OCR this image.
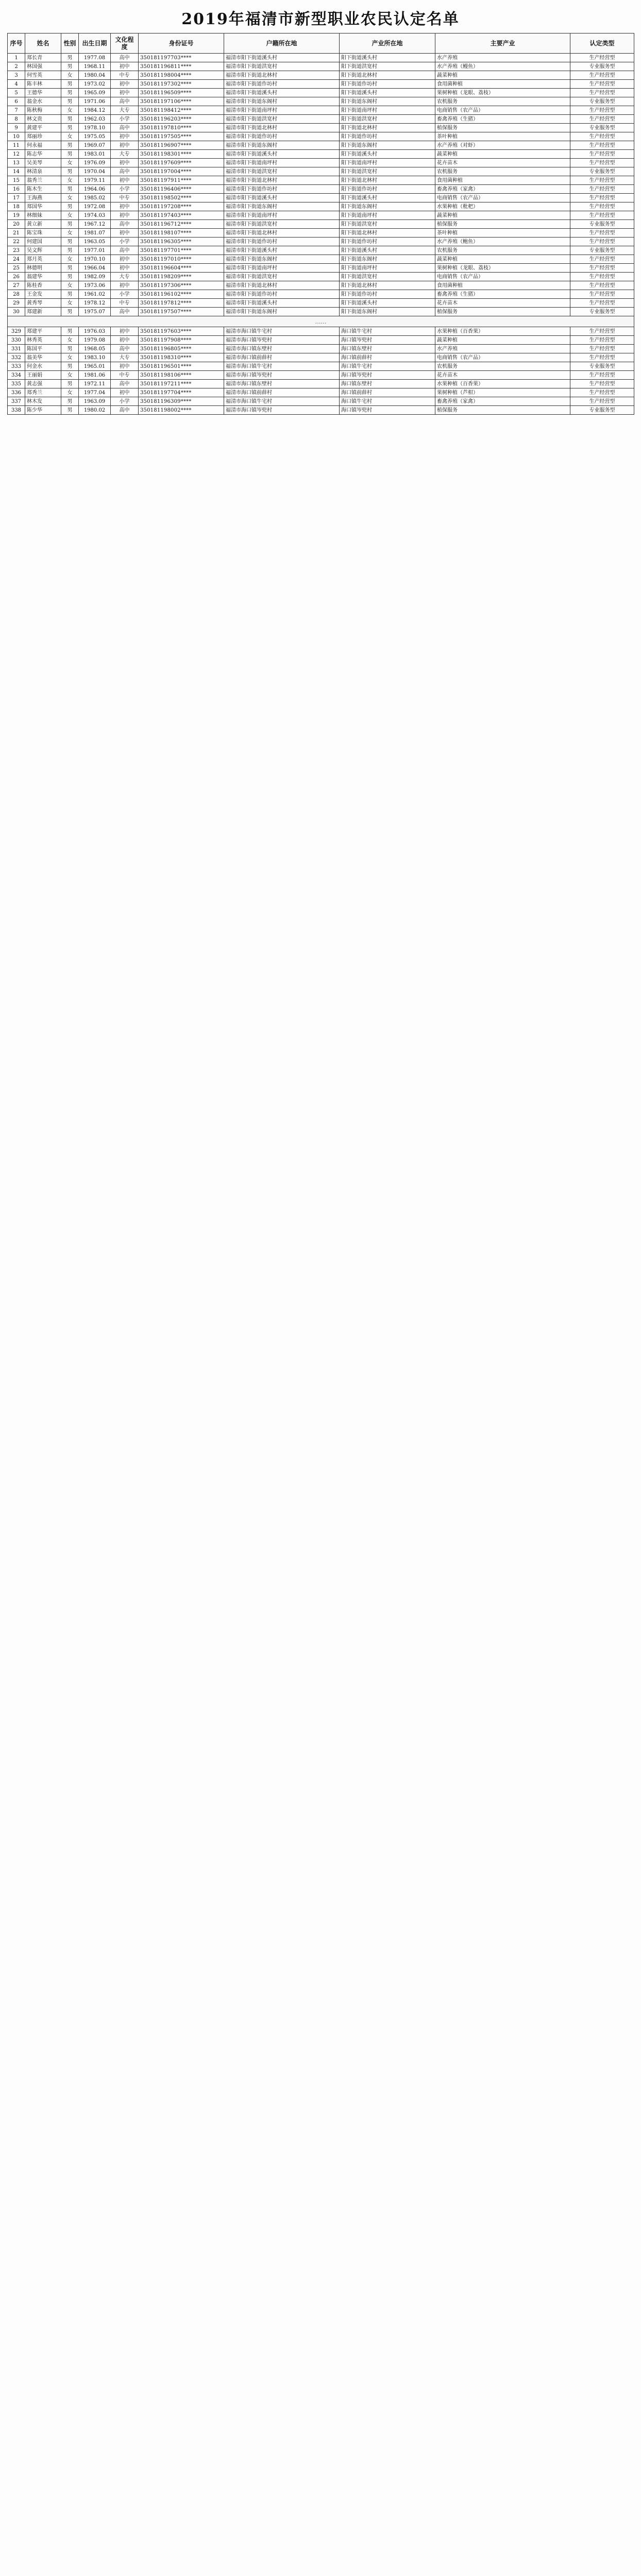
2019年福清市新型职业农民认定名单
序号	姓名	性别	出生日期	文化程度	身份证号	户籍所在地	产业所在地	主要产业	认定类型
1	郑长青	男	1977.08	高中	350181197703****	福清市阳下街道溪头村	阳下街道溪头村	水产养殖	生产经营型
2	林国强	男	1968.11	初中	350181196811****	福清市阳下街道洪宽村	阳下街道洪宽村	水产养殖（鳗鱼）	专业服务型
3	何雪英	女	1980.04	中专	350181198004****	福清市阳下街道北林村	阳下街道北林村	蔬菜种植	生产经营型
4	陈丰林	男	1973.02	初中	350181197302****	福清市阳下街道作坊村	阳下街道作坊村	食用菌种植	生产经营型
5	王德华	男	1965.09	初中	350181196509****	福清市阳下街道溪头村	阳下街道溪头村	果树种植（龙眼、荔枝）	生产经营型
6	翁金水	男	1971.06	高中	350181197106****	福清市阳下街道东阁村	阳下街道东阁村	农机服务	专业服务型
7	陈秋梅	女	1984.12	大专	350181198412****	福清市阳下街道南坪村	阳下街道南坪村	电商销售（农产品）	生产经营型
8	林文贵	男	1962.03	小学	350181196203****	福清市阳下街道洪宽村	阳下街道洪宽村	畜禽养殖（生猪）	生产经营型
9	黄建平	男	1978.10	高中	350181197810****	福清市阳下街道北林村	阳下街道北林村	植保服务	专业服务型
10	郑丽珍	女	1975.05	初中	350181197505****	福清市阳下街道作坊村	阳下街道作坊村	茶叶种植	生产经营型
11	何永福	男	1969.07	初中	350181196907****	福清市阳下街道东阁村	阳下街道东阁村	水产养殖（对虾）	生产经营型
12	陈志华	男	1983.01	大专	350181198301****	福清市阳下街道溪头村	阳下街道溪头村	蔬菜种植	生产经营型
13	吴美琴	女	1976.09	初中	350181197609****	福清市阳下街道南坪村	阳下街道南坪村	花卉苗木	生产经营型
14	林清泉	男	1970.04	高中	350181197004****	福清市阳下街道洪宽村	阳下街道洪宽村	农机服务	专业服务型
15	翁秀兰	女	1979.11	初中	350181197911****	福清市阳下街道北林村	阳下街道北林村	食用菌种植	生产经营型
16	陈木生	男	1964.06	小学	350181196406****	福清市阳下街道作坊村	阳下街道作坊村	畜禽养殖（家禽）	生产经营型
17	王海燕	女	1985.02	中专	350181198502****	福清市阳下街道溪头村	阳下街道溪头村	电商销售（农产品）	生产经营型
18	郑国华	男	1972.08	初中	350181197208****	福清市阳下街道东阁村	阳下街道东阁村	水果种植（枇杷）	生产经营型
19	林细妹	女	1974.03	初中	350181197403****	福清市阳下街道南坪村	阳下街道南坪村	蔬菜种植	生产经营型
20	黄立新	男	1967.12	高中	350181196712****	福清市阳下街道洪宽村	阳下街道洪宽村	植保服务	专业服务型
21	陈宝珠	女	1981.07	初中	350181198107****	福清市阳下街道北林村	阳下街道北林村	茶叶种植	生产经营型
22	何建国	男	1963.05	小学	350181196305****	福清市阳下街道作坊村	阳下街道作坊村	水产养殖（鲍鱼）	生产经营型
23	吴文辉	男	1977.01	高中	350181197701****	福清市阳下街道溪头村	阳下街道溪头村	农机服务	专业服务型
24	郑月英	女	1970.10	初中	350181197010****	福清市阳下街道东阁村	阳下街道东阁村	蔬菜种植	生产经营型
25	林德明	男	1966.04	初中	350181196604****	福清市阳下街道南坪村	阳下街道南坪村	果树种植（龙眼、荔枝）	生产经营型
26	翁建华	男	1982.09	大专	350181198209****	福清市阳下街道洪宽村	阳下街道洪宽村	电商销售（农产品）	生产经营型
27	陈桂香	女	1973.06	初中	350181197306****	福清市阳下街道北林村	阳下街道北林村	食用菌种植	生产经营型
28	王金发	男	1961.02	小学	350181196102****	福清市阳下街道作坊村	阳下街道作坊村	畜禽养殖（生猪）	生产经营型
29	黄秀琴	女	1978.12	中专	350181197812****	福清市阳下街道溪头村	阳下街道溪头村	花卉苗木	生产经营型
30	郑建新	男	1975.07	高中	350181197507****	福清市阳下街道东阁村	阳下街道东阁村	植保服务	专业服务型
……									
329	郑建平	男	1976.03	初中	350181197603****	福清市海口镇牛宅村	海口镇牛宅村	水果种植（百香果）	生产经营型
330	林秀英	女	1979.08	初中	350181197908****	福清市海口镇岑兜村	海口镇岑兜村	蔬菜种植	生产经营型
331	陈国平	男	1968.05	高中	350181196805****	福清市海口镇东壁村	海口镇东壁村	水产养殖	生产经营型
332	翁美华	女	1983.10	大专	350181198310****	福清市海口镇前薛村	海口镇前薛村	电商销售（农产品）	生产经营型
333	何金水	男	1965.01	初中	350181196501****	福清市海口镇牛宅村	海口镇牛宅村	农机服务	专业服务型
334	王丽娟	女	1981.06	中专	350181198106****	福清市海口镇岑兜村	海口镇岑兜村	花卉苗木	生产经营型
335	黄志强	男	1972.11	高中	350181197211****	福清市海口镇东壁村	海口镇东壁村	水果种植（百香果）	生产经营型
336	郑秀兰	女	1977.04	初中	350181197704****	福清市海口镇前薛村	海口镇前薛村	果树种植（芦柑）	生产经营型
337	林木发	男	1963.09	小学	350181196309****	福清市海口镇牛宅村	海口镇牛宅村	畜禽养殖（家禽）	生产经营型
338	陈少华	男	1980.02	高中	350181198002****	福清市海口镇岑兜村	海口镇岑兜村	植保服务	专业服务型
